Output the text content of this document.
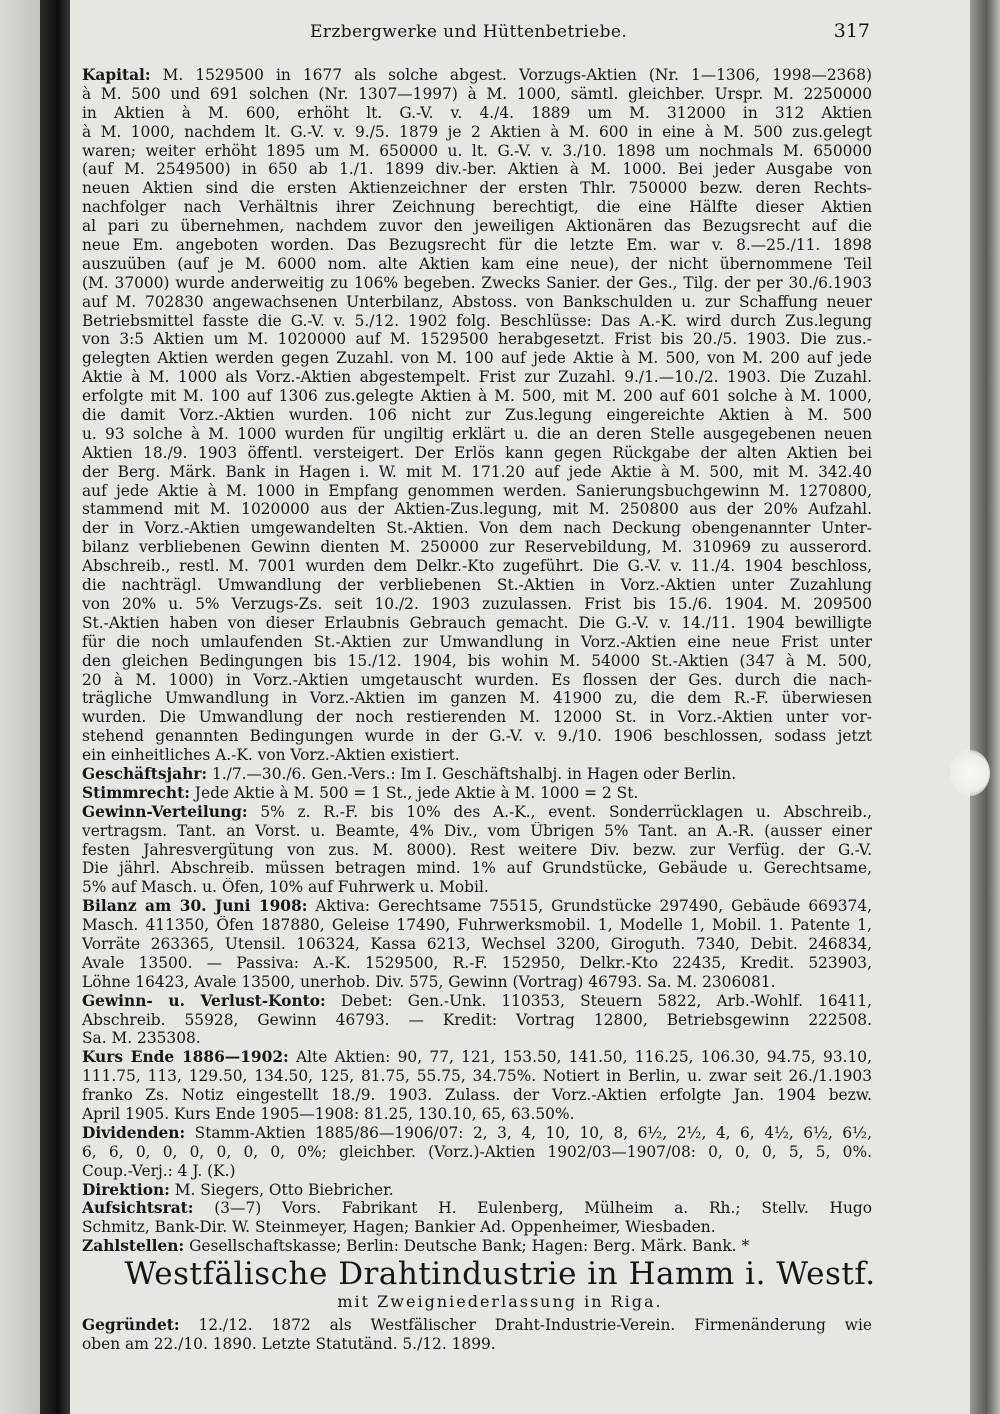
Erzbergwerke und Hüttenbetriebe.	317
Kapital: M. 1529500 in 1677 als solche abgest. Vorzugs-Aktien (Nr. 1—1306, 1998—2368)
à M. 500 und 691 solchen (Nr. 1307—1997) à M. 1000, sämtl. gleichber. Urspr. M. 2250000
in Aktien à M. 600, erhöht lt. G.-V. v. 4./4. 1889 um M. 312000 in 312 Aktien
à M. 1000, nachdem lt. G.-V. v. 9./5. 1879 je 2 Aktien à M. 600 in eine à M. 500 zus.gelegt
waren; weiter erhöht 1895 um M. 650000 u. lt. G.-V. v. 3./10. 1898 um nochmals M. 650000
(auf M. 2549500) in 650 ab 1./1. 1899 div.-ber. Aktien à M. 1000. Bei jeder Ausgabe von
neuen Aktien sind die ersten Aktienzeichner der ersten Thlr. 750000 bezw. deren Rechts-
nachfolger nach Verhältnis ihrer Zeichnung berechtigt, die eine Hälfte dieser Aktien
al pari zu übernehmen, nachdem zuvor den jeweiligen Aktionären das Bezugsrecht auf die
neue Em. angeboten worden. Das Bezugsrecht für die letzte Em. war v. 8.—25./11. 1898
auszuüben (auf je M. 6000 nom. alte Aktien kam eine neue), der nicht übernommene Teil
(M. 37000) wurde anderweitig zu 106% begeben. Zwecks Sanier. der Ges., Tilg. der per 30./6.1903
auf M. 702830 angewachsenen Unterbilanz, Abstoss. von Bankschulden u. zur Schaffung neuer
Betriebsmittel fasste die G.-V. v. 5./12. 1902 folg. Beschlüsse: Das A.-K. wird durch Zus.legung
von 3:5 Aktien um M. 1020000 auf M. 1529500 herabgesetzt. Frist bis 20./5. 1903. Die zus.-
gelegten Aktien werden gegen Zuzahl. von M. 100 auf jede Aktie à M. 500, von M. 200 auf jede
Aktie à M. 1000 als Vorz.-Aktien abgestempelt. Frist zur Zuzahl. 9./1.—10./2. 1903. Die Zuzahl.
erfolgte mit M. 100 auf 1306 zus.gelegte Aktien à M. 500, mit M. 200 auf 601 solche à M. 1000,
die damit Vorz.-Aktien wurden. 106 nicht zur Zus.legung eingereichte Aktien à M. 500
u. 93 solche à M. 1000 wurden für ungiltig erklärt u. die an deren Stelle ausgegebenen neuen
Aktien 18./9. 1903 öffentl. versteigert. Der Erlös kann gegen Rückgabe der alten Aktien bei
der Berg. Märk. Bank in Hagen i. W. mit M. 171.20 auf jede Aktie à M. 500, mit M. 342.40
auf jede Aktie à M. 1000 in Empfang genommen werden. Sanierungsbuchgewinn M. 1270800,
stammend mit M. 1020000 aus der Aktien-Zus.legung, mit M. 250800 aus der 20% Aufzahl.
der in Vorz.-Aktien umgewandelten St.-Aktien. Von dem nach Deckung obengenannter Unter-
bilanz verbliebenen Gewinn dienten M. 250000 zur Reservebildung, M. 310969 zu ausserord.
Abschreib., restl. M. 7001 wurden dem Delkr.-Kto zugeführt. Die G.-V. v. 11./4. 1904 beschloss,
die nachträgl. Umwandlung der verbliebenen St.-Aktien in Vorz.-Aktien unter Zuzahlung
von 20% u. 5% Verzugs-Zs. seit 10./2. 1903 zuzulassen. Frist bis 15./6. 1904. M. 209500
St.-Aktien haben von dieser Erlaubnis Gebrauch gemacht. Die G.-V. v. 14./11. 1904 bewilligte
für die noch umlaufenden St.-Aktien zur Umwandlung in Vorz.-Aktien eine neue Frist unter
den gleichen Bedingungen bis 15./12. 1904, bis wohin M. 54000 St.-Aktien (347 à M. 500,
20 à M. 1000) in Vorz.-Aktien umgetauscht wurden. Es flossen der Ges. durch die nach-
trägliche Umwandlung in Vorz.-Aktien im ganzen M. 41900 zu, die dem R.-F. überwiesen
wurden. Die Umwandlung der noch restierenden M. 12000 St. in Vorz.-Aktien unter vor-
stehend genannten Bedingungen wurde in der G.-V. v. 9./10. 1906 beschlossen, sodass jetzt
ein einheitliches A.-K. von Vorz.-Aktien existiert.
Geschäftsjahr: 1./7.—30./6. Gen.-Vers.: Im I. Geschäftshalbj. in Hagen oder Berlin.
Stimmrecht: Jede Aktie à M. 500 = 1 St., jede Aktie à M. 1000 = 2 St.
Gewinn-Verteilung: 5% z. R.-F. bis 10% des A.-K., event. Sonderrücklagen u. Abschreib.,
vertragsm. Tant. an Vorst. u. Beamte, 4% Div., vom Übrigen 5% Tant. an A.-R. (ausser einer
festen Jahresvergütung von zus. M. 8000). Rest weitere Div. bezw. zur Verfüg. der G.-V.
Die jährl. Abschreib. müssen betragen mind. 1% auf Grundstücke, Gebäude u. Gerechtsame,
5% auf Masch. u. Öfen, 10% auf Fuhrwerk u. Mobil.
Bilanz am 30. Juni 1908: Aktiva: Gerechtsame 75515, Grundstücke 297490, Gebäude 669374,
Masch. 411350, Öfen 187880, Geleise 17490, Fuhrwerksmobil. 1, Modelle 1, Mobil. 1. Patente 1,
Vorräte 263365, Utensil. 106324, Kassa 6213, Wechsel 3200, Giroguth. 7340, Debit. 246834,
Avale 13500. — Passiva: A.-K. 1529500, R.-F. 152950, Delkr.-Kto 22435, Kredit. 523903,
Löhne 16423, Avale 13500, unerhob. Div. 575, Gewinn (Vortrag) 46793. Sa. M. 2306081.
Gewinn- u. Verlust-Konto: Debet: Gen.-Unk. 110353, Steuern 5822, Arb.-Wohlf. 16411,
Abschreib. 55928, Gewinn 46793. — Kredit: Vortrag 12800, Betriebsgewinn 222508.
Sa. M. 235308.
Kurs Ende 1886—1902: Alte Aktien: 90, 77, 121, 153.50, 141.50, 116.25, 106.30, 94.75, 93.10,
111.75, 113, 129.50, 134.50, 125, 81.75, 55.75, 34.75%. Notiert in Berlin, u. zwar seit 26./1.1903
franko Zs. Notiz eingestellt 18./9. 1903. Zulass. der Vorz.-Aktien erfolgte Jan. 1904 bezw.
April 1905. Kurs Ende 1905—1908: 81.25, 130.10, 65, 63.50%.
Dividenden: Stamm-Aktien 1885/86—1906/07: 2, 3, 4, 10, 10, 8, 6½, 2½, 4, 6, 4½, 6½, 6½,
6, 6, 0, 0, 0, 0, 0, 0, 0%; gleichber. (Vorz.)-Aktien 1902/03—1907/08: 0, 0, 0, 5, 5, 0%.
Coup.-Verj.: 4 J. (K.)
Direktion: M. Siegers, Otto Biebricher.
Aufsichtsrat: (3—7) Vors. Fabrikant H. Eulenberg, Mülheim a. Rh.; Stellv. Hugo
Schmitz, Bank-Dir. W. Steinmeyer, Hagen; Bankier Ad. Oppenheimer, Wiesbaden.
Zahlstellen: Gesellschaftskasse; Berlin: Deutsche Bank; Hagen: Berg. Märk. Bank. *
Westfälische Drahtindustrie in Hamm i. Westf.
mit Zweigniederlassung in Riga.
Gegründet: 12./12. 1872 als Westfälischer Draht-Industrie-Verein. Firmenänderung wie
oben am 22./10. 1890. Letzte Statutänd. 5./12. 1899.
